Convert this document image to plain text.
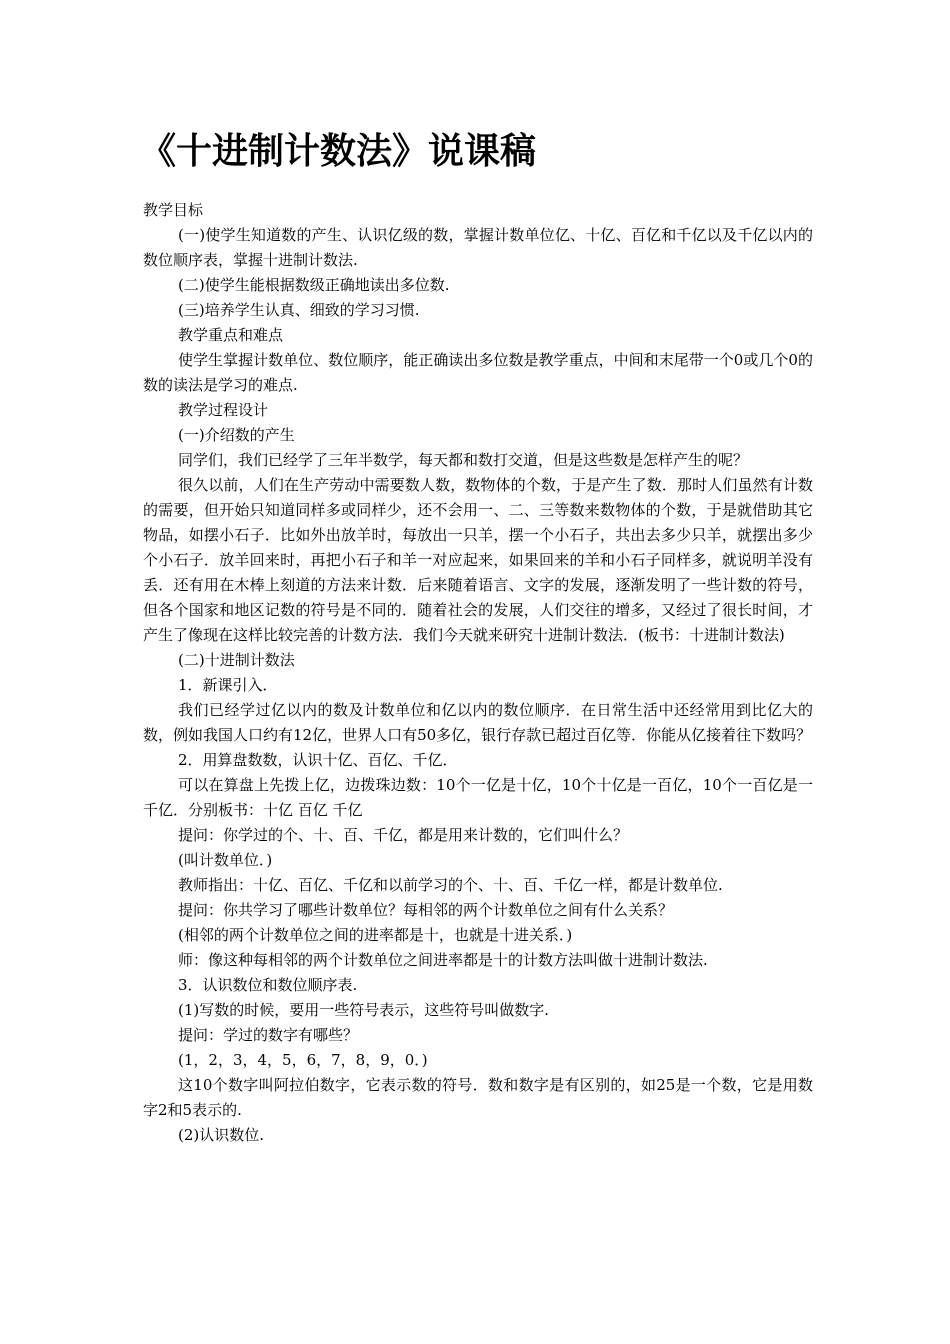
《十进制计数法》说课稿

教学目标

(一)使学生知道数的产生、认识亿级的数，掌握计数单位亿、十亿、百亿和千亿以及千亿以内的数位顺序表，掌握十进制计数法.

(二)使学生能根据数级正确地读出多位数.

(三)培养学生认真、细致的学习习惯.

教学重点和难点

使学生掌握计数单位、数位顺序，能正确读出多位数是教学重点，中间和末尾带一个0或几个0的数的读法是学习的难点.

教学过程设计

(一)介绍数的产生

同学们，我们已经学了三年半数学，每天都和数打交道，但是这些数是怎样产生的呢？

很久以前，人们在生产劳动中需要数人数，数物体的个数，于是产生了数．那时人们虽然有计数的需要，但开始只知道同样多或同样少，还不会用一、二、三等数来数物体的个数，于是就借助其它物品，如摆小石子．比如外出放羊时，每放出一只羊，摆一个小石子，共出去多少只羊，就摆出多少个小石子．放羊回来时，再把小石子和羊一对应起来，如果回来的羊和小石子同样多，就说明羊没有丢．还有用在木棒上刻道的方法来计数．后来随着语言、文字的发展，逐渐发明了一些计数的符号，但各个国家和地区记数的符号是不同的．随着社会的发展，人们交往的增多，又经过了很长时间，才产生了像现在这样比较完善的计数方法．我们今天就来研究十进制计数法．(板书：十进制计数法)

(二)十进制计数法

1．新课引入．

我们已经学过亿以内的数及计数单位和亿以内的数位顺序．在日常生活中还经常用到比亿大的数，例如我国人口约有12亿，世界人口有50多亿，银行存款已超过百亿等．你能从亿接着往下数吗？

2．用算盘数数，认识十亿、百亿、千亿．

可以在算盘上先拨上亿，边拨珠边数：10个一亿是十亿，10个十亿是一百亿，10个一百亿是一千亿．分别板书：十亿 百亿 千亿

提问：你学过的个、十、百、千亿，都是用来计数的，它们叫什么？

(叫计数单位．)

教师指出：十亿、百亿、千亿和以前学习的个、十、百、千亿一样，都是计数单位.

提问：你共学习了哪些计数单位？每相邻的两个计数单位之间有什么关系？

(相邻的两个计数单位之间的进率都是十，也就是十进关系．)

师：像这种每相邻的两个计数单位之间进率都是十的计数方法叫做十进制计数法.

3．认识数位和数位顺序表.

(1)写数的时候，要用一些符号表示，这些符号叫做数字.

提问：学过的数字有哪些？

(1，2，3，4，5，6，7，8，9，0．)

这10个数字叫阿拉伯数字，它表示数的符号．数和数字是有区别的，如25是一个数，它是用数字2和5表示的.

(2)认识数位.
